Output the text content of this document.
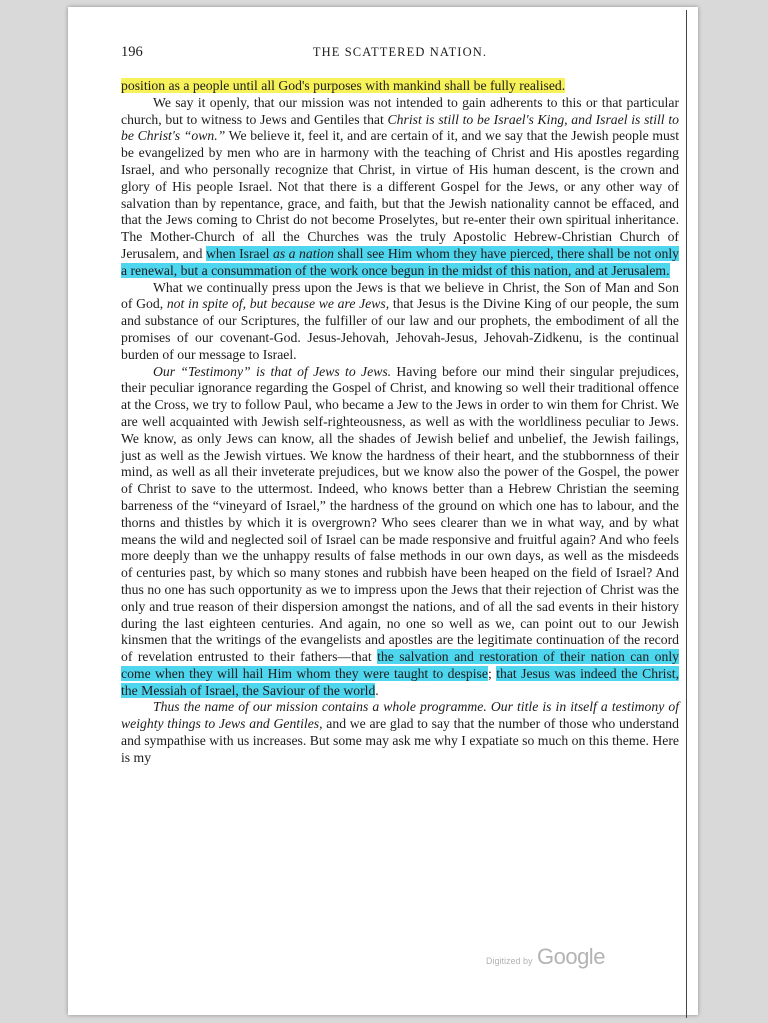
196	THE SCATTERED NATION.

position as a people until all God's purposes with mankind shall be fully realised.

We say it openly, that our mission was not intended to gain adherents to this or that particular church, but to witness to Jews and Gentiles that Christ is still to be Israel's King, and Israel is still to be Christ's “own.” We believe it, feel it, and are certain of it, and we say that the Jewish people must be evangelized by men who are in harmony with the teaching of Christ and His apostles regarding Israel, and who personally recognize that Christ, in virtue of His human descent, is the crown and glory of His people Israel. Not that there is a different Gospel for the Jews, or any other way of salvation than by repentance, grace, and faith, but that the Jewish nationality cannot be effaced, and that the Jews coming to Christ do not become Proselytes, but re-enter their own spiritual inheritance. The Mother-Church of all the Churches was the truly Apostolic Hebrew-Christian Church of Jerusalem, and when Israel as a nation shall see Him whom they have pierced, there shall be not only a renewal, but a consummation of the work once begun in the midst of this nation, and at Jerusalem.

What we continually press upon the Jews is that we believe in Christ, the Son of Man and Son of God, not in spite of, but because we are Jews, that Jesus is the Divine King of our people, the sum and substance of our Scriptures, the fulfiller of our law and our prophets, the embodiment of all the promises of our covenant-God. Jesus-Jehovah, Jehovah-Jesus, Jehovah-Zidkenu, is the continual burden of our message to Israel.

Our “Testimony” is that of Jews to Jews. Having before our mind their singular prejudices, their peculiar ignorance regarding the Gospel of Christ, and knowing so well their traditional offence at the Cross, we try to follow Paul, who became a Jew to the Jews in order to win them for Christ. We are well acquainted with Jewish self-righteousness, as well as with the worldliness peculiar to Jews. We know, as only Jews can know, all the shades of Jewish belief and unbelief, the Jewish failings, just as well as the Jewish virtues. We know the hardness of their heart, and the stubbornness of their mind, as well as all their inveterate prejudices, but we know also the power of the Gospel, the power of Christ to save to the uttermost. Indeed, who knows better than a Hebrew Christian the seeming barreness of the “vineyard of Israel,” the hardness of the ground on which one has to labour, and the thorns and thistles by which it is overgrown? Who sees clearer than we in what way, and by what means the wild and neglected soil of Israel can be made responsive and fruitful again? And who feels more deeply than we the unhappy results of false methods in our own days, as well as the misdeeds of centuries past, by which so many stones and rubbish have been heaped on the field of Israel? And thus no one has such opportunity as we to impress upon the Jews that their rejection of Christ was the only and true reason of their dispersion amongst the nations, and of all the sad events in their history during the last eighteen centuries. And again, no one so well as we, can point out to our Jewish kinsmen that the writings of the evangelists and apostles are the legitimate continuation of the record of revelation entrusted to their fathers—that the salvation and restoration of their nation can only come when they will hail Him whom they were taught to despise; that Jesus was indeed the Christ, the Messiah of Israel, the Saviour of the world.

Thus the name of our mission contains a whole programme. Our title is in itself a testimony of weighty things to Jews and Gentiles, and we are glad to say that the number of those who understand and sympathise with us increases. But some may ask me why I expatiate so much on this theme. Here is my

Digitized by Google
